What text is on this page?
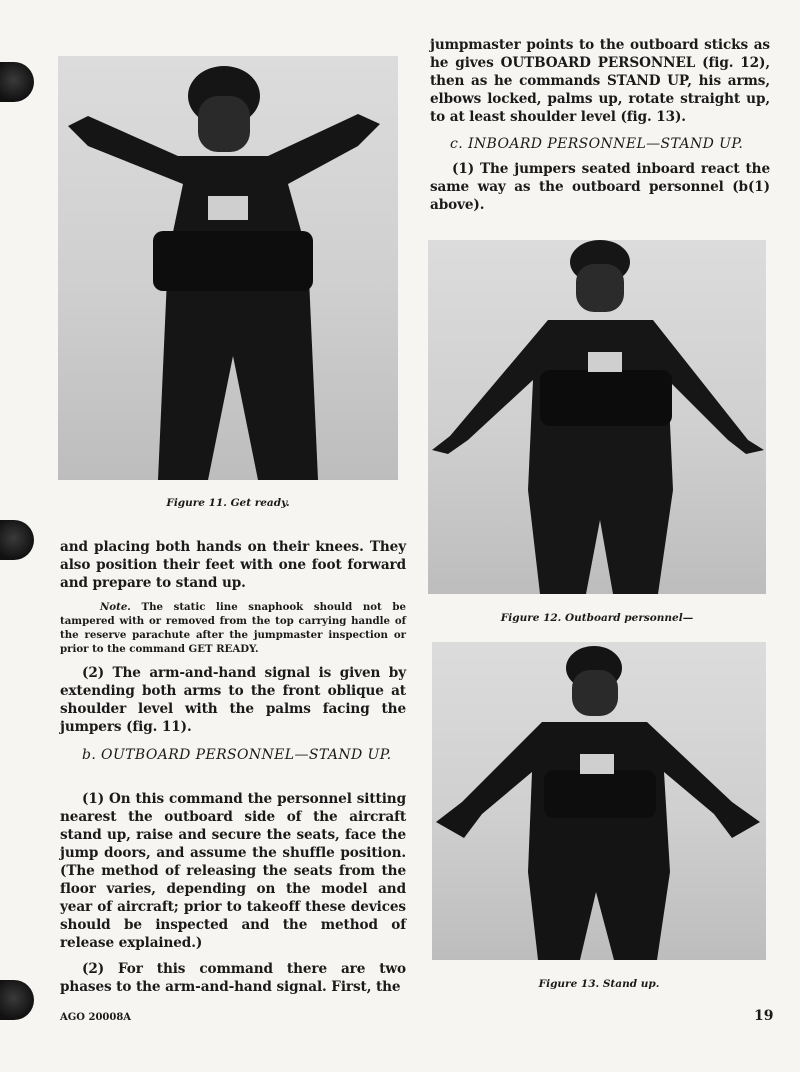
Figure 11. Get ready.

jumpmaster points to the outboard sticks as he gives OUTBOARD PERSONNEL (fig. 12), then as he commands STAND UP, his arms, elbows locked, palms up, rotate straight up, to at least shoulder level (fig. 13).

c. INBOARD PERSONNEL—STAND UP.

(1) The jumpers seated inboard react the same way as the outboard personnel (b(1) above).

Figure 12. Outboard personnel—
Figure 13. Stand up.

and placing both hands on their knees. They also position their feet with one foot forward and prepare to stand up.

Note. The static line snaphook should not be tampered with or removed from the top carrying handle of the reserve parachute after the jumpmaster inspection or prior to the command GET READY.

(2) The arm-and-hand signal is given by extending both arms to the front oblique at shoulder level with the palms facing the jumpers (fig. 11).

b. OUTBOARD PERSONNEL—STAND UP.

(1) On this command the personnel sitting nearest the outboard side of the aircraft stand up, raise and secure the seats, face the jump doors, and assume the shuffle position. (The method of releasing the seats from the floor varies, depending on the model and year of aircraft; prior to takeoff these devices should be inspected and the method of release explained.)

(2) For this command there are two phases to the arm-and-hand signal. First, the

AGO 20008A	19
